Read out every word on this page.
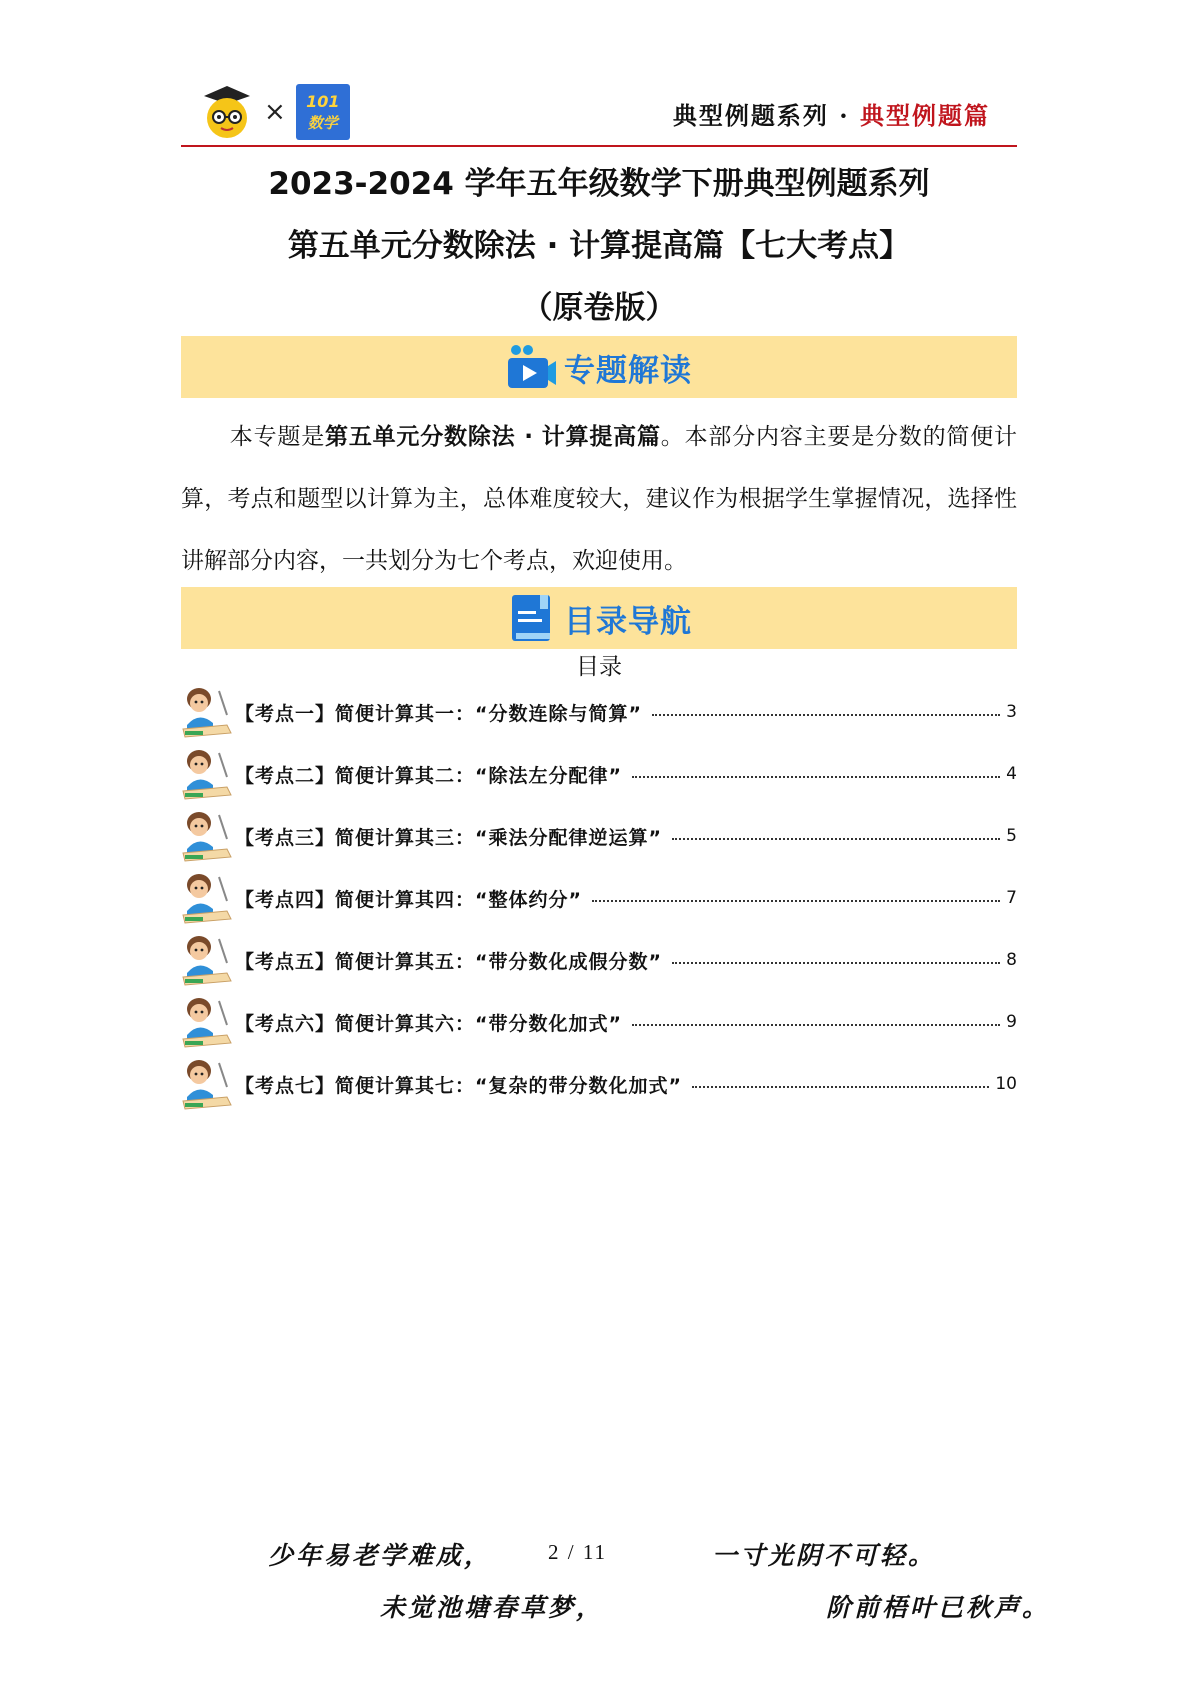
×	101
数学	典型例题系列 · 典型例题篇
2023-2024 学年五年级数学下册典型例题系列
第五单元分数除法 · 计算提高篇【七大考点】
（原卷版）
专题解读
本专题是第五单元分数除法 · 计算提高篇。本部分内容主要是分数的简便计算，考点和题型以计算为主，总体难度较大，建议作为根据学生掌握情况，选择性讲解部分内容，一共划分为七个考点，欢迎使用。
目录导航
目录
【考点一】简便计算其一：“分数连除与简算”	3
【考点二】简便计算其二：“除法左分配律”	4
【考点三】简便计算其三：“乘法分配律逆运算”	5
【考点四】简便计算其四：“整体约分”	7
【考点五】简便计算其五：“带分数化成假分数”	8
【考点六】简便计算其六：“带分数化加式”	9
【考点七】简便计算其七：“复杂的带分数化加式”	10
少年易老学难成，	2 / 11	一寸光阴不可轻。
未觉池塘春草梦，	阶前梧叶已秋声。
